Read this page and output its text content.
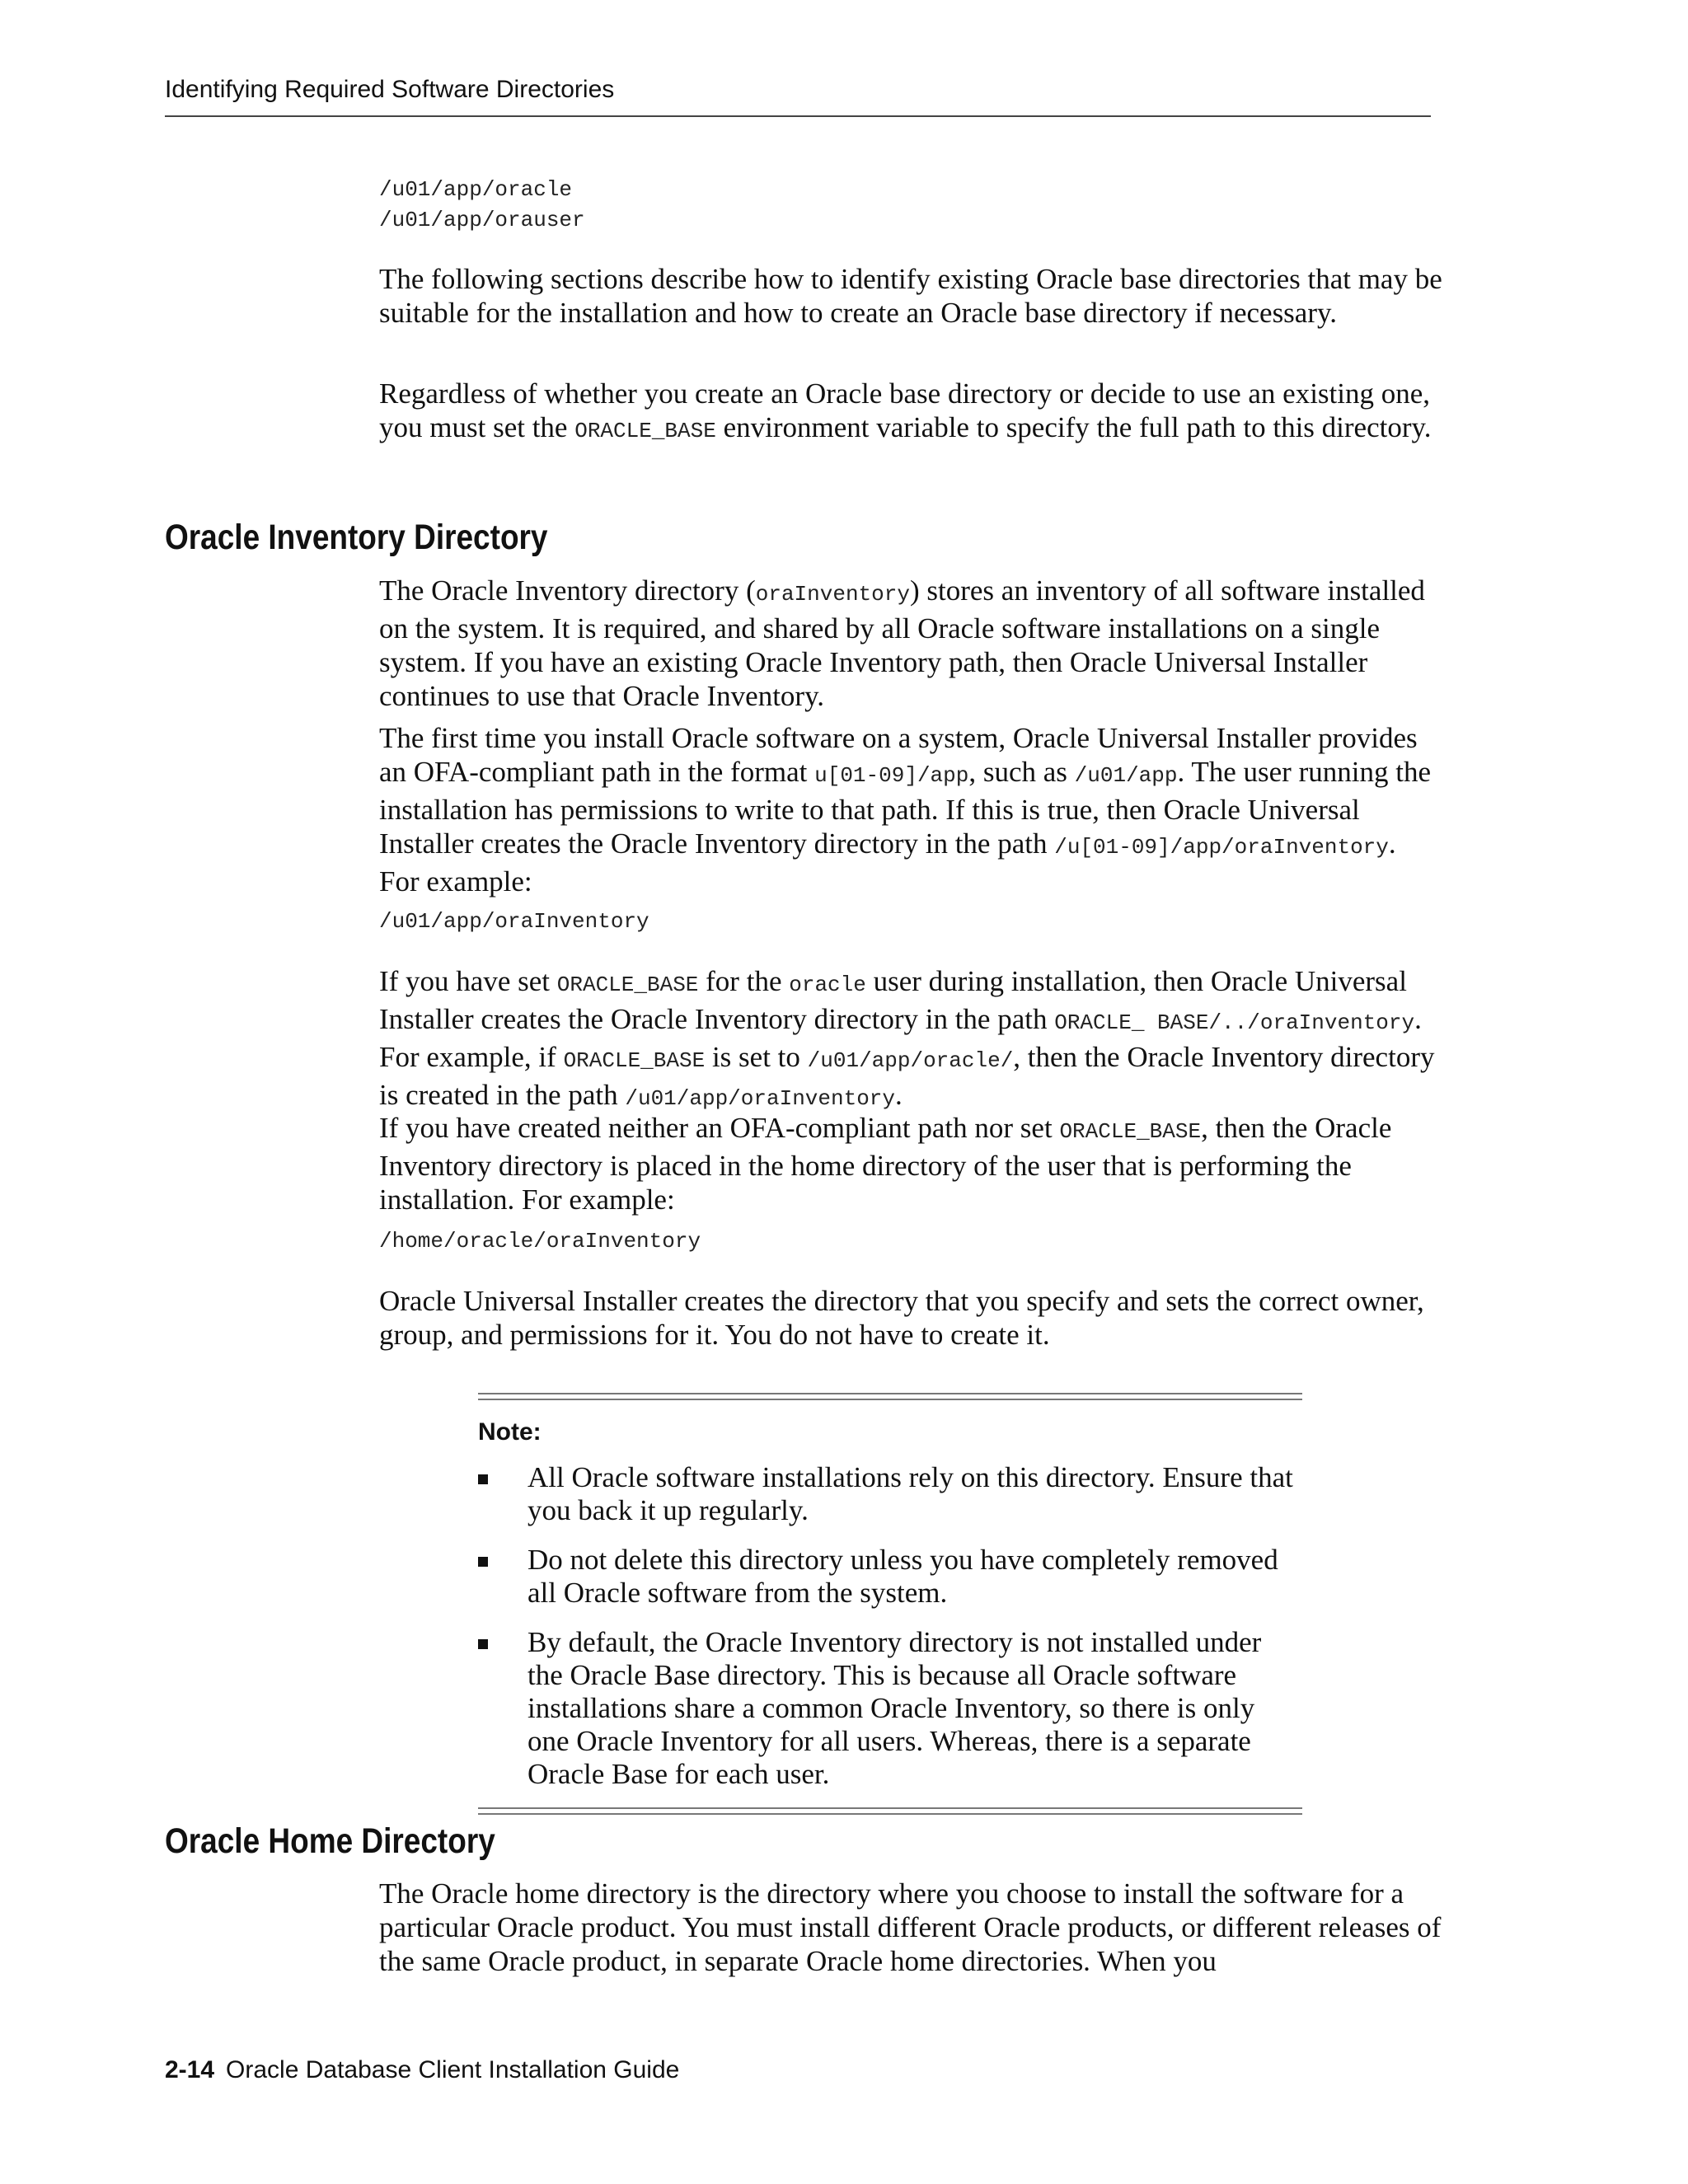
Identifying Required Software Directories
/u01/app/oracle
/u01/app/orauser

The following sections describe how to identify existing Oracle base directories that may be suitable for the installation and how to create an Oracle base directory if necessary.

Regardless of whether you create an Oracle base directory or decide to use an existing one, you must set the ORACLE_BASE environment variable to specify the full path to this directory.

Oracle Inventory Directory

The Oracle Inventory directory (oraInventory) stores an inventory of all software installed on the system. It is required, and shared by all Oracle software installations on a single system. If you have an existing Oracle Inventory path, then Oracle Universal Installer continues to use that Oracle Inventory.

The first time you install Oracle software on a system, Oracle Universal Installer provides an OFA-compliant path in the format u[01-09]/app, such as /u01/app. The user running the installation has permissions to write to that path. If this is true, then Oracle Universal Installer creates the Oracle Inventory directory in the path /u[01-09]/app/oraInventory. For example:

/u01/app/oraInventory

If you have set ORACLE_BASE for the oracle user during installation, then Oracle Universal Installer creates the Oracle Inventory directory in the path ORACLE_ BASE/../oraInventory. For example, if ORACLE_BASE is set to /u01/app/oracle/, then the Oracle Inventory directory is created in the path /u01/app/oraInventory.

If you have created neither an OFA-compliant path nor set ORACLE_BASE, then the Oracle Inventory directory is placed in the home directory of the user that is performing the installation. For example:

/home/oracle/oraInventory

Oracle Universal Installer creates the directory that you specify and sets the correct owner, group, and permissions for it. You do not have to create it.

Note:
All Oracle software installations rely on this directory. Ensure that you back it up regularly.
Do not delete this directory unless you have completely removed all Oracle software from the system.
By default, the Oracle Inventory directory is not installed under the Oracle Base directory. This is because all Oracle software installations share a common Oracle Inventory, so there is only one Oracle Inventory for all users. Whereas, there is a separate Oracle Base for each user.
Oracle Home Directory

The Oracle home directory is the directory where you choose to install the software for a particular Oracle product. You must install different Oracle products, or different releases of the same Oracle product, in separate Oracle home directories. When you

2-14 Oracle Database Client Installation Guide
